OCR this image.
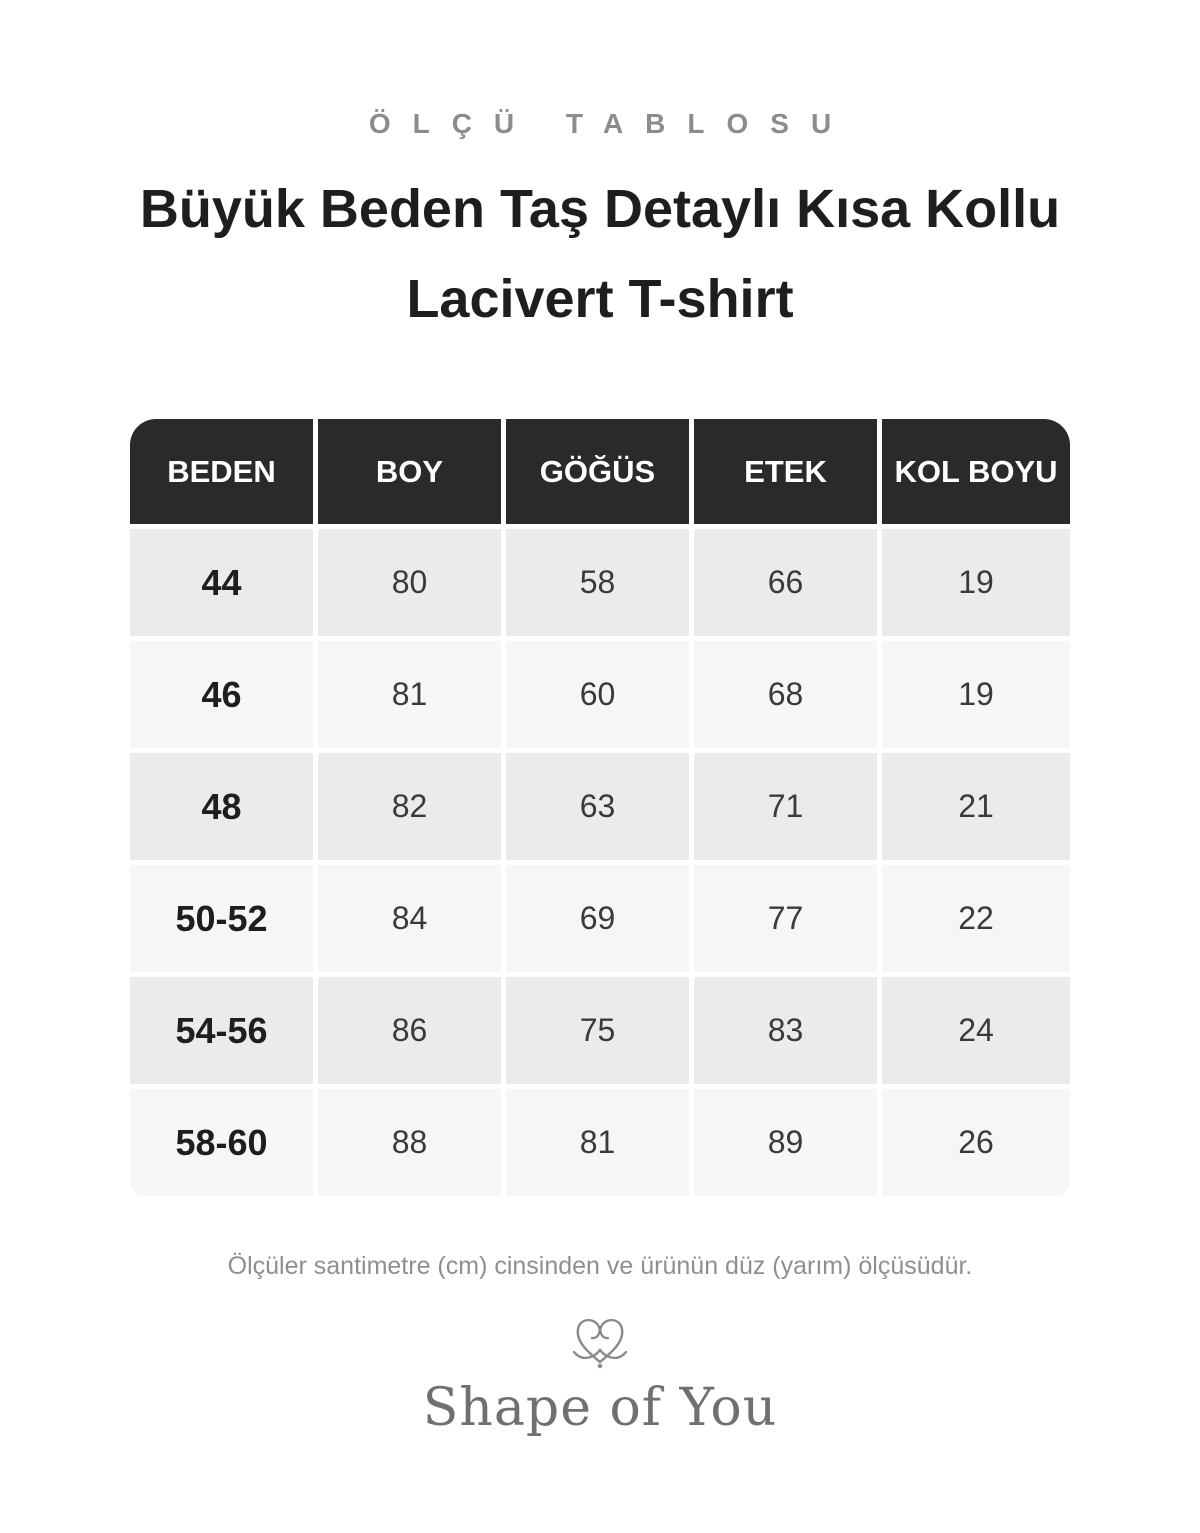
ÖLÇÜ TABLOSU
Büyük Beden Taş Detaylı Kısa Kollu
Lacivert T-shirt
BEDEN	BOY	GÖĞÜS	ETEK	KOL BOYU
44	80	58	66	19
46	81	60	68	19
48	82	63	71	21
50-52	84	69	77	22
54-56	86	75	83	24
58-60	88	81	89	26
Ölçüler santimetre (cm) cinsinden ve ürünün düz (yarım) ölçüsüdür.
Shape of You
